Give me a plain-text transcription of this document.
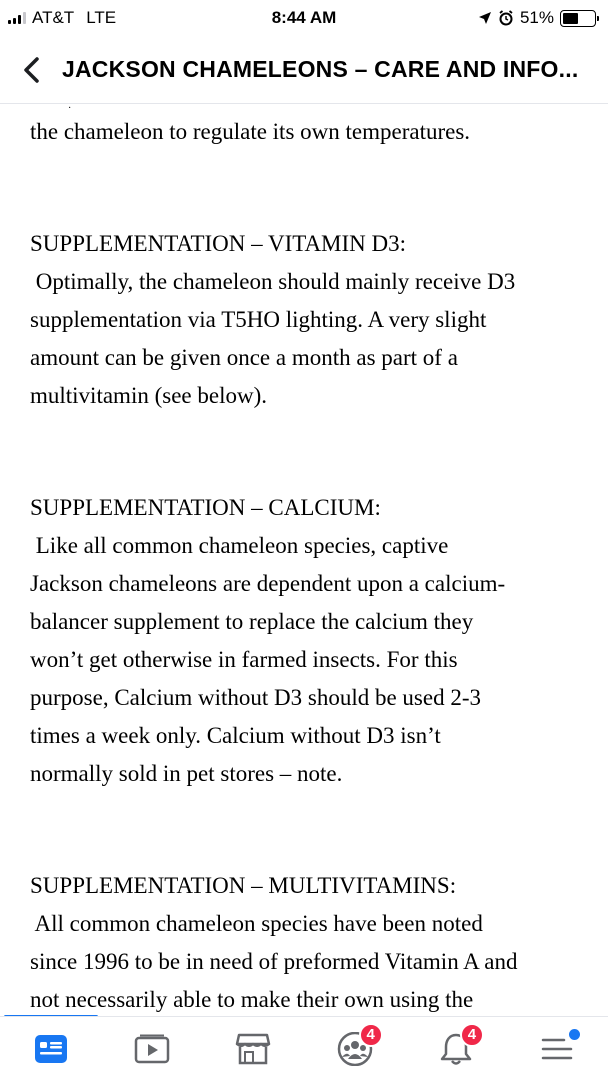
AT&T LTE	8:44 AM	51%
JACKSON CHAMELEONS – CARE AND INFO...
·
the chameleon to regulate its own temperatures.
SUPPLEMENTATION – VITAMIN D3:
Optimally, the chameleon should mainly receive D3
supplementation via T5HO lighting. A very slight
amount can be given once a month as part of a
multivitamin (see below).
SUPPLEMENTATION – CALCIUM:
Like all common chameleon species, captive
Jackson chameleons are dependent upon a calcium-
balancer supplement to replace the calcium they
won’t get otherwise in farmed insects. For this
purpose, Calcium without D3 should be used 2-3
times a week only. Calcium without D3 isn’t
normally sold in pet stores – note.
SUPPLEMENTATION – MULTIVITAMINS:
All common chameleon species have been noted
since 1996 to be in need of preformed Vitamin A and
not necessarily able to make their own using the
4	4
